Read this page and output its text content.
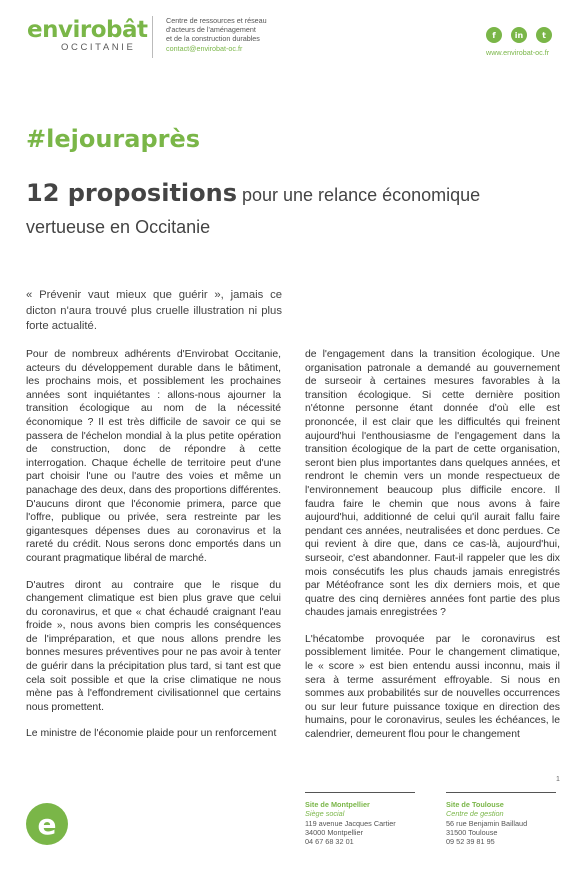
envirobât
OCCITANIE
Centre de ressources et réseau
d'acteurs de l'aménagement
et de la construction durables
contact@envirobat-oc.fr
f	in	t
www.envirobat-oc.fr
#lejouraprès
12 propositions pour une relance économique vertueuse en Occitanie
« Prévenir vaut mieux que guérir », jamais ce dicton n'aura trouvé plus cruelle illustration ni plus forte actualité.

Pour de nombreux adhérents d'Envirobat Occitanie, acteurs du développement durable dans le bâtiment, les prochains mois, et possiblement les prochaines années sont inquiétantes : allons-nous ajourner la transition écologique au nom de la nécessité économique ? Il est très difficile de savoir ce qui se passera de l'échelon mondial à la plus petite opération de construction, donc de répondre à cette interrogation. Chaque échelle de territoire peut d'une part choisir l'une ou l'autre des voies et même un panachage des deux, dans des proportions différentes. D'aucuns diront que l'économie primera, parce que l'offre, publique ou privée, sera restreinte par les gigantesques dépenses dues au coronavirus et la rareté du crédit. Nous serons donc emportés dans un courant pragmatique libéral de marché.

D'autres diront au contraire que le risque du changement climatique est bien plus grave que celui du coronavirus, et que « chat échaudé craignant l'eau froide », nous avons bien compris les conséquences de l'impréparation, et que nous allons prendre les bonnes mesures préventives pour ne pas avoir à tenter de guérir dans la précipitation plus tard, si tant est que cela soit possible et que la crise climatique ne nous mène pas à l'effondrement civilisationnel que certains nous promettent.

Le ministre de l'économie plaide pour un renforcement

de l'engagement dans la transition écologique. Une organisation patronale a demandé au gouvernement de surseoir à certaines mesures favorables à la transition écologique. Si cette dernière position n'étonne personne étant donnée d'où elle est prononcée, il est clair que les difficultés qui freinent aujourd'hui l'enthousiasme de l'engagement dans la transition écologique de la part de cette organisation, seront bien plus importantes dans quelques années, et rendront le chemin vers un monde respectueux de l'environnement beaucoup plus difficile encore. Il faudra faire le chemin que nous avons à faire aujourd'hui, additionné de celui qu'il aurait fallu faire pendant ces années, neutralisées et donc perdues. Ce qui revient à dire que, dans ce cas-là, aujourd'hui, surseoir, c'est abandonner. Faut-il rappeler que les dix mois consécutifs les plus chauds jamais enregistrés par Météofrance sont les dix derniers mois, et que quatre des cinq dernières années font partie des plus chaudes jamais enregistrées ?

L'hécatombe provoquée par le coronavirus est possiblement limitée. Pour le changement climatique, le « score » est bien entendu aussi inconnu, mais il sera à terme assurément effroyable. Si nous en sommes aux probabilités sur de nouvelles occurrences ou sur leur future puissance toxique en direction des humains, pour le coronavirus, seules les échéances, le calendrier, demeurent flou pour le changement

1
e
Site de Montpellier
Siège social
119 avenue Jacques Cartier
34000 Montpellier
04 67 68 32 01
Site de Toulouse
Centre de gestion
56 rue Benjamin Baillaud
31500 Toulouse
09 52 39 81 95
